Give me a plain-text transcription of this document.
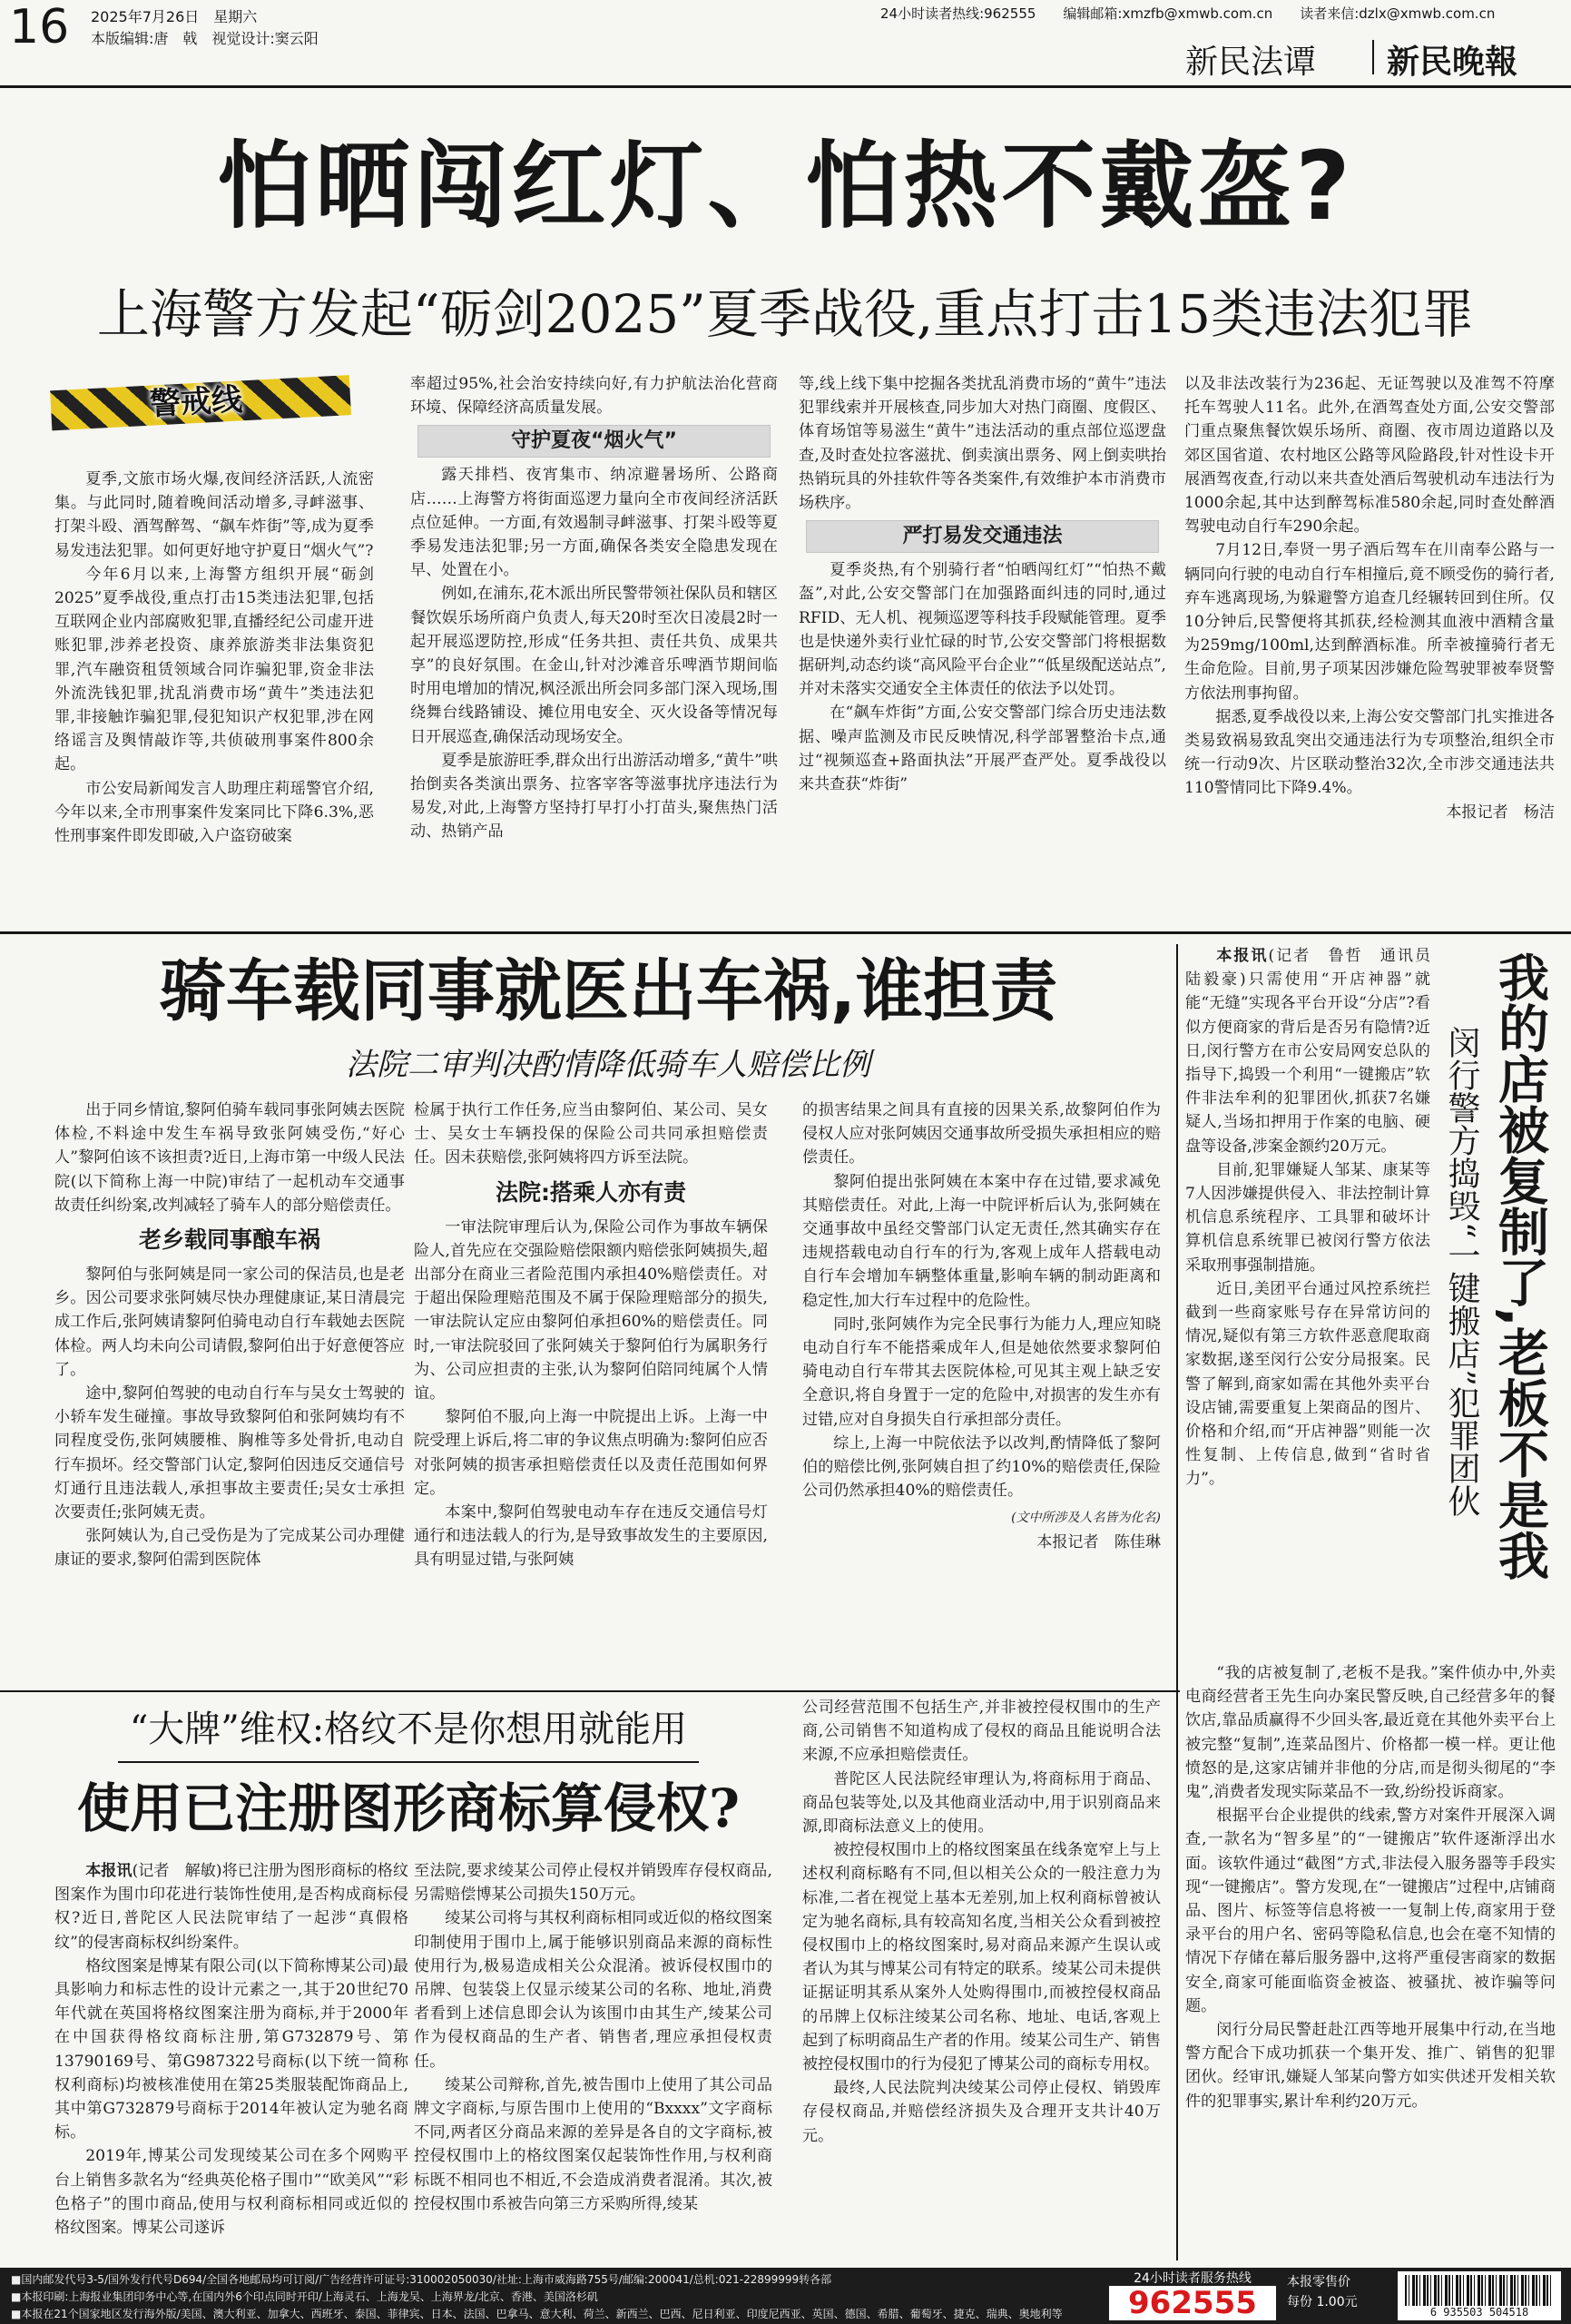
16 2025年7月26日　星期六
本版编辑:唐　戟　视觉设计:窦云阳
24小时读者热线:962555　　编辑邮箱:xmzfb@xmwb.com.cn　　读者来信:dzlx@xmwb.com.cn
新民法谭 新民晚報
怕晒闯红灯、怕热不戴盔?
上海警方发起“砺剑2025”夏季战役,重点打击15类违法犯罪
警戒线

夏季,文旅市场火爆,夜间经济活跃,人流密集。与此同时,随着晚间活动增多,寻衅滋事、打架斗殴、酒驾醉驾、“飙车炸街”等,成为夏季易发违法犯罪。如何更好地守护夏日“烟火气”?

今年6月以来,上海警方组织开展“砺剑2025”夏季战役,重点打击15类违法犯罪,包括互联网企业内部腐败犯罪,直播经纪公司虚开进账犯罪,涉养老投资、康养旅游类非法集资犯罪,汽车融资租赁领域合同诈骗犯罪,资金非法外流洗钱犯罪,扰乱消费市场“黄牛”类违法犯罪,非接触诈骗犯罪,侵犯知识产权犯罪,涉在网络谣言及舆情敲诈等,共侦破刑事案件800余起。

市公安局新闻发言人助理庄莉瑶警官介绍,今年以来,全市刑事案件发案同比下降6.3%,恶性刑事案件即发即破,入户盗窃破案

率超过95%,社会治安持续向好,有力护航法治化营商环境、保障经济高质量发展。

守护夏夜“烟火气”

露天排档、夜宵集市、纳凉避暑场所、公路商店……上海警方将街面巡逻力量向全市夜间经济活跃点位延伸。一方面,有效遏制寻衅滋事、打架斗殴等夏季易发违法犯罪;另一方面,确保各类安全隐患发现在早、处置在小。

例如,在浦东,花木派出所民警带领社保队员和辖区餐饮娱乐场所商户负责人,每天20时至次日凌晨2时一起开展巡逻防控,形成“任务共担、责任共负、成果共享”的良好氛围。在金山,针对沙滩音乐啤酒节期间临时用电增加的情况,枫泾派出所会同多部门深入现场,围绕舞台线路铺设、摊位用电安全、灭火设备等情况每日开展巡查,确保活动现场安全。

夏季是旅游旺季,群众出行出游活动增多,“黄牛”哄抬倒卖各类演出票务、拉客宰客等滋事扰序违法行为易发,对此,上海警方坚持打早打小打苗头,聚焦热门活动、热销产品

等,线上线下集中挖掘各类扰乱消费市场的“黄牛”违法犯罪线索并开展核查,同步加大对热门商圈、度假区、体育场馆等易滋生“黄牛”违法活动的重点部位巡逻盘查,及时查处拉客滋扰、倒卖演出票务、网上倒卖哄抬热销玩具的外挂软件等各类案件,有效维护本市消费市场秩序。

严打易发交通违法

夏季炎热,有个别骑行者“怕晒闯红灯”“怕热不戴盔”,对此,公安交警部门在加强路面纠违的同时,通过RFID、无人机、视频巡逻等科技手段赋能管理。夏季也是快递外卖行业忙碌的时节,公安交警部门将根据数据研判,动态约谈“高风险平台企业”“低星级配送站点”,并对未落实交通安全主体责任的依法予以处罚。

在“飙车炸街”方面,公安交警部门综合历史违法数据、噪声监测及市民反映情况,科学部署整治卡点,通过“视频巡查+路面执法”开展严查严处。夏季战役以来共查获“炸街”

以及非法改装行为236起、无证驾驶以及准驾不符摩托车驾驶人11名。此外,在酒驾查处方面,公安交警部门重点聚焦餐饮娱乐场所、商圈、夜市周边道路以及郊区国省道、农村地区公路等风险路段,针对性设卡开展酒驾夜查,行动以来共查处酒后驾驶机动车违法行为1000余起,其中达到醉驾标准580余起,同时查处醉酒驾驶电动自行车290余起。

7月12日,奉贤一男子酒后驾车在川南奉公路与一辆同向行驶的电动自行车相撞后,竟不顾受伤的骑行者,弃车逃离现场,为躲避警方追查几经辗转回到住所。仅10分钟后,民警便将其抓获,经检测其血液中酒精含量为259mg/100ml,达到醉酒标准。所幸被撞骑行者无生命危险。目前,男子项某因涉嫌危险驾驶罪被奉贤警方依法刑事拘留。

据悉,夏季战役以来,上海公安交警部门扎实推进各类易致祸易致乱突出交通违法行为专项整治,组织全市统一行动9次、片区联动整治32次,全市涉交通违法共110警情同比下降9.4%。

本报记者　杨洁

骑车载同事就医出车祸,谁担责
法院二审判决酌情降低骑车人赔偿比例

出于同乡情谊,黎阿伯骑车载同事张阿姨去医院体检,不料途中发生车祸导致张阿姨受伤,“好心人”黎阿伯该不该担责?近日,上海市第一中级人民法院(以下简称上海一中院)审结了一起机动车交通事故责任纠纷案,改判减轻了骑车人的部分赔偿责任。

老乡载同事酿车祸

黎阿伯与张阿姨是同一家公司的保洁员,也是老乡。因公司要求张阿姨尽快办理健康证,某日清晨完成工作后,张阿姨请黎阿伯骑电动自行车载她去医院体检。两人均未向公司请假,黎阿伯出于好意便答应了。

途中,黎阿伯驾驶的电动自行车与吴女士驾驶的小轿车发生碰撞。事故导致黎阿伯和张阿姨均有不同程度受伤,张阿姨腰椎、胸椎等多处骨折,电动自行车损坏。经交警部门认定,黎阿伯因违反交通信号灯通行且违法载人,承担事故主要责任;吴女士承担次要责任;张阿姨无责。

张阿姨认为,自己受伤是为了完成某公司办理健康证的要求,黎阿伯需到医院体

检属于执行工作任务,应当由黎阿伯、某公司、吴女士、吴女士车辆投保的保险公司共同承担赔偿责任。因未获赔偿,张阿姨将四方诉至法院。

法院:搭乘人亦有责

一审法院审理后认为,保险公司作为事故车辆保险人,首先应在交强险赔偿限额内赔偿张阿姨损失,超出部分在商业三者险范围内承担40%赔偿责任。对于超出保险理赔范围及不属于保险理赔部分的损失,一审法院认定应由黎阿伯承担60%的赔偿责任。同时,一审法院驳回了张阿姨关于黎阿伯行为属职务行为、公司应担责的主张,认为黎阿伯陪同纯属个人情谊。

黎阿伯不服,向上海一中院提出上诉。上海一中院受理上诉后,将二审的争议焦点明确为:黎阿伯应否对张阿姨的损害承担赔偿责任以及责任范围如何界定。

本案中,黎阿伯驾驶电动车存在违反交通信号灯通行和违法载人的行为,是导致事故发生的主要原因,具有明显过错,与张阿姨

的损害结果之间具有直接的因果关系,故黎阿伯作为侵权人应对张阿姨因交通事故所受损失承担相应的赔偿责任。

黎阿伯提出张阿姨在本案中存在过错,要求减免其赔偿责任。对此,上海一中院评析后认为,张阿姨在交通事故中虽经交警部门认定无责任,然其确实存在违规搭载电动自行车的行为,客观上成年人搭载电动自行车会增加车辆整体重量,影响车辆的制动距离和稳定性,加大行车过程中的危险性。

同时,张阿姨作为完全民事行为能力人,理应知晓电动自行车不能搭乘成年人,但是她依然要求黎阿伯骑电动自行车带其去医院体检,可见其主观上缺乏安全意识,将自身置于一定的危险中,对损害的发生亦有过错,应对自身损失自行承担部分责任。

综上,上海一中院依法予以改判,酌情降低了黎阿伯的赔偿比例,张阿姨自担了约10%的赔偿责任,保险公司仍然承担40%的赔偿责任。

(文中所涉及人名皆为化名)

本报记者　陈佳琳

“大牌”维权:格纹不是你想用就能用
使用已注册图形商标算侵权?

本报讯(记者　解敏)将已注册为图形商标的格纹图案作为围巾印花进行装饰性使用,是否构成商标侵权?近日,普陀区人民法院审结了一起涉“真假格纹”的侵害商标权纠纷案件。

格纹图案是博某有限公司(以下简称博某公司)最具影响力和标志性的设计元素之一,其于20世纪70年代就在英国将格纹图案注册为商标,并于2000年在中国获得格纹商标注册,第G732879号、第13790169号、第G987322号商标(以下统一简称权利商标)均被核准使用在第25类服装配饰商品上,其中第G732879号商标于2014年被认定为驰名商标。

2019年,博某公司发现绫某公司在多个网购平台上销售多款名为“经典英伦格子围巾”“欧美风”“彩色格子”的围巾商品,使用与权利商标相同或近似的格纹图案。博某公司遂诉

至法院,要求绫某公司停止侵权并销毁库存侵权商品,另需赔偿博某公司损失150万元。

绫某公司将与其权利商标相同或近似的格纹图案印制使用于围巾上,属于能够识别商品来源的商标性使用行为,极易造成相关公众混淆。被诉侵权围巾的吊牌、包装袋上仅显示绫某公司的名称、地址,消费者看到上述信息即会认为该围巾由其生产,绫某公司作为侵权商品的生产者、销售者,理应承担侵权责任。

绫某公司辩称,首先,被告围巾上使用了其公司品牌文字商标,与原告围巾上使用的“Bxxxx”文字商标不同,两者区分商品来源的差异是各自的文字商标,被控侵权围巾上的格纹图案仅起装饰性作用,与权利商标既不相同也不相近,不会造成消费者混淆。其次,被控侵权围巾系被告向第三方采购所得,绫某

公司经营范围不包括生产,并非被控侵权围巾的生产商,公司销售不知道构成了侵权的商品且能说明合法来源,不应承担赔偿责任。

普陀区人民法院经审理认为,将商标用于商品、商品包装等处,以及其他商业活动中,用于识别商品来源,即商标法意义上的使用。

被控侵权围巾上的格纹图案虽在线条宽窄上与上述权利商标略有不同,但以相关公众的一般注意力为标准,二者在视觉上基本无差别,加上权利商标曾被认定为驰名商标,具有较高知名度,当相关公众看到被控侵权围巾上的格纹图案时,易对商品来源产生误认或者认为其与博某公司有特定的联系。绫某公司未提供证据证明其系从案外人处购得围巾,而被控侵权商品的吊牌上仅标注绫某公司名称、地址、电话,客观上起到了标明商品生产者的作用。绫某公司生产、销售被控侵权围巾的行为侵犯了博某公司的商标专用权。

最终,人民法院判决绫某公司停止侵权、销毁库存侵权商品,并赔偿经济损失及合理开支共计40万元。

我的店被复制了,老板不是我
闵行警方捣毁“一键搬店”犯罪团伙

本报讯(记者　鲁哲　通讯员　陆毅豪)只需使用“开店神器”就能“无缝”实现各平台开设“分店”?看似方便商家的背后是否另有隐情?近日,闵行警方在市公安局网安总队的指导下,捣毁一个利用“一键搬店”软件非法牟利的犯罪团伙,抓获7名嫌疑人,当场扣押用于作案的电脑、硬盘等设备,涉案金额约20万元。

目前,犯罪嫌疑人邹某、康某等7人因涉嫌提供侵入、非法控制计算机信息系统程序、工具罪和破坏计算机信息系统罪已被闵行警方依法采取刑事强制措施。

近日,美团平台通过风控系统拦截到一些商家账号存在异常访问的情况,疑似有第三方软件恶意爬取商家数据,遂至闵行公安分局报案。民警了解到,商家如需在其他外卖平台设店铺,需要重复上架商品的图片、价格和介绍,而“开店神器”则能一次性复制、上传信息,做到“省时省力”。

“我的店被复制了,老板不是我。”案件侦办中,外卖电商经营者王先生向办案民警反映,自己经营多年的餐饮店,靠品质赢得不少回头客,最近竟在其他外卖平台上被完整“复制”,连菜品图片、价格都一模一样。更让他愤怒的是,这家店铺并非他的分店,而是彻头彻尾的“李鬼”,消费者发现实际菜品不一致,纷纷投诉商家。

根据平台企业提供的线索,警方对案件开展深入调查,一款名为“智多星”的“一键搬店”软件逐渐浮出水面。该软件通过“截图”方式,非法侵入服务器等手段实现“一键搬店”。警方发现,在“一键搬店”过程中,店铺商品、图片、标签等信息将被一一复制上传,商家用于登录平台的用户名、密码等隐私信息,也会在毫不知情的情况下存储在幕后服务器中,这将严重侵害商家的数据安全,商家可能面临资金被盗、被骚扰、被诈骗等问题。

闵行分局民警赶赴江西等地开展集中行动,在当地警方配合下成功抓获一个集开发、推广、销售的犯罪团伙。经审讯,嫌疑人邹某向警方如实供述开发相关软件的犯罪事实,累计牟利约20万元。

■国内邮发代号3-5/国外发行代号D694/全国各地邮局均可订阅/广告经营许可证号:310002050030/社址:上海市威海路755号/邮编:200041/总机:021-22899999转各部
■本报印刷:上海报业集团印务中心等,在国内外6个印点同时开印/上海灵石、上海龙吴、上海界龙/北京、香港、美国洛杉矶
■本报在21个国家地区发行海外版/美国、澳大利亚、加拿大、西班牙、泰国、菲律宾、日本、法国、巴拿马、意大利、荷兰、新西兰、巴西、尼日利亚、印度尼西亚、英国、德国、希腊、葡萄牙、捷克、瑞典、奥地利等
24小时读者服务热线
962555
本报零售价
每份 1.00元
6 935503 504518
